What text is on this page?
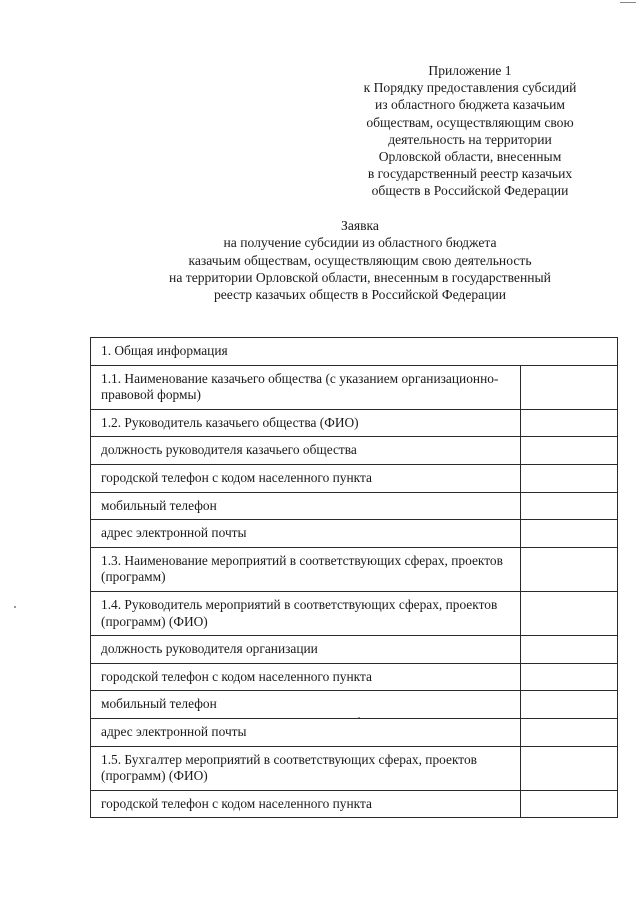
Приложение 1
к Порядку предоставления субсидий
из областного бюджета казачьим
обществам, осуществляющим свою
деятельность на территории
Орловской области, внесенным
в государственный реестр казачьих
обществ в Российской Федерации
Заявка
на получение субсидии из областного бюджета
казачьим обществам, осуществляющим свою деятельность
на территории Орловской области, внесенным в государственный
реестр казачьих обществ в Российской Федерации
1. Общая информация	
1.1. Наименование казачьего общества (с указанием организационно-правовой формы)	
1.2. Руководитель казачьего общества (ФИО)	
должность руководителя казачьего общества	
городской телефон с кодом населенного пункта	
мобильный телефон	
адрес электронной почты	
1.3. Наименование мероприятий в соответствующих сферах, проектов (программ)	
1.4. Руководитель мероприятий в соответствующих сферах, проектов (программ) (ФИО)	
должность руководителя организации	
городской телефон с кодом населенного пункта	
мобильный телефон	
адрес электронной почты	
1.5. Бухгалтер мероприятий в соответствующих сферах, проектов (программ) (ФИО)	
городской телефон с кодом населенного пункта	
